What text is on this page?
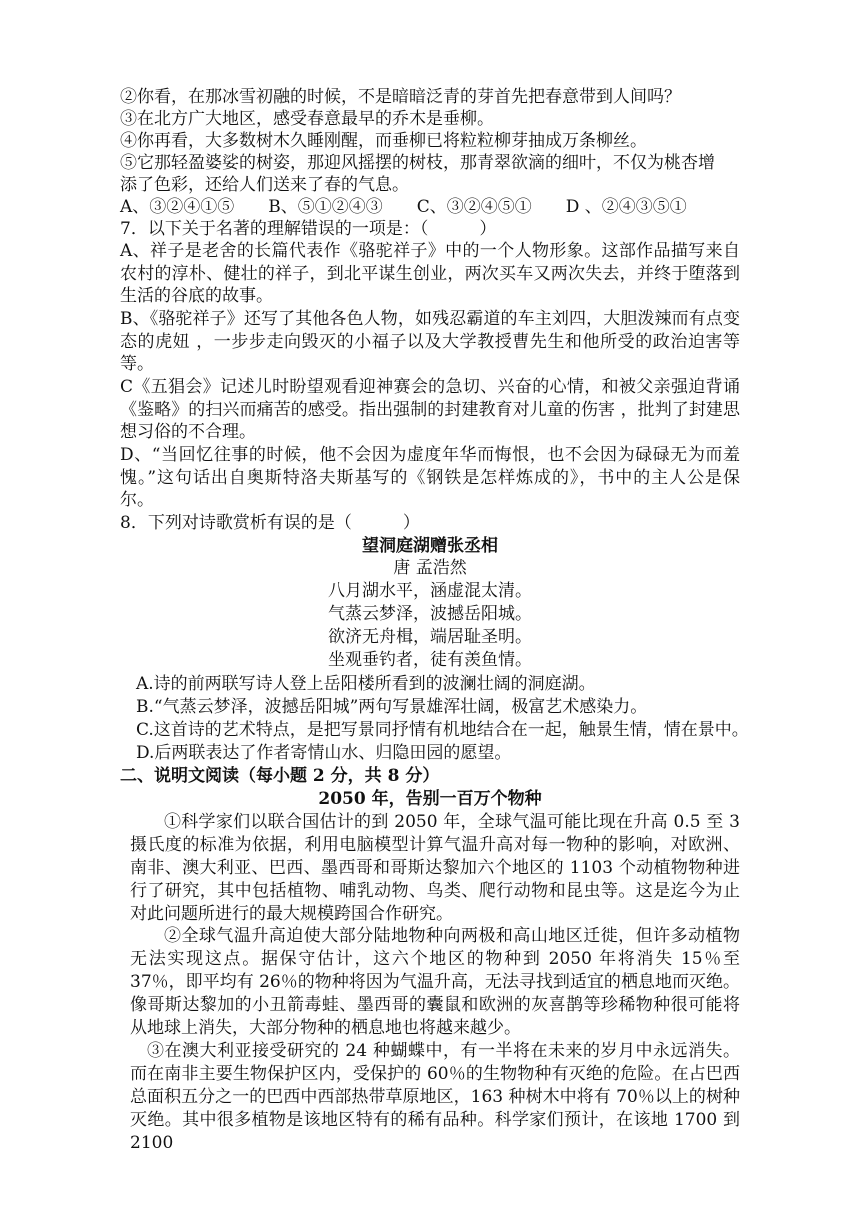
②你看，在那冰雪初融的时候，不是暗暗泛青的芽首先把春意带到人间吗？
③在北方广大地区，感受春意最早的乔木是垂柳。
④你再看，大多数树木久睡刚醒，而垂柳已将粒粒柳芽抽成万条柳丝。
⑤它那轻盈婆娑的树姿，那迎风摇摆的树枝，那青翠欲滴的细叶，不仅为桃杏增
添了色彩，还给人们送来了春的气息。
A、③②④①⑤　　B、⑤①②④③　　C、③②④⑤①　　D 、②④③⑤①
7．以下关于名著的理解错误的一项是：（　　　）
A、祥子是老舍的长篇代表作《骆驼祥子》中的一个人物形象。这部作品描写来自农村的淳朴、健壮的祥子，到北平谋生创业，两次买车又两次失去，并终于堕落到生活的谷底的故事。
B、《骆驼祥子》还写了其他各色人物，如残忍霸道的车主刘四，大胆泼辣而有点变态的虎妞 ，一步步走向毁灭的小福子以及大学教授曹先生和他所受的政治迫害等等。
C《五猖会》记述儿时盼望观看迎神赛会的急切、兴奋的心情，和被父亲强迫背诵《鉴略》的扫兴而痛苦的感受。指出强制的封建教育对儿童的伤害 ，批判了封建思想习俗的不合理。
D、“当回忆往事的时候，他不会因为虚度年华而悔恨，也不会因为碌碌无为而羞愧。”这句话出自奥斯特洛夫斯基写的《钢铁是怎样炼成的》，书中的主人公是保尔。
8．下列对诗歌赏析有误的是（　　　）
望洞庭湖赠张丞相
唐 孟浩然
八月湖水平，涵虚混太清。
气蒸云梦泽，波撼岳阳城。
欲济无舟楫，端居耻圣明。
坐观垂钓者，徒有羡鱼情。
A.诗的前两联写诗人登上岳阳楼所看到的波澜壮阔的洞庭湖。
B.“气蒸云梦泽，波撼岳阳城”两句写景雄浑壮阔，极富艺术感染力。
C.这首诗的艺术特点，是把写景同抒情有机地结合在一起，触景生情，情在景中。
D.后两联表达了作者寄情山水、归隐田园的愿望。
二、说明文阅读（每小题 2 分，共 8 分）
2050 年，告别一百万个物种
①科学家们以联合国估计的到 2050 年，全球气温可能比现在升高 0.5 至 3 摄氏度的标准为依据，利用电脑模型计算气温升高对每一物种的影响，对欧洲、南非、澳大利亚、巴西、墨西哥和哥斯达黎加六个地区的 1103 个动植物物种进行了研究，其中包括植物、哺乳动物、鸟类、爬行动物和昆虫等。这是迄今为止对此问题所进行的最大规模跨国合作研究。
②全球气温升高迫使大部分陆地物种向两极和高山地区迁徙，但许多动植物无法实现这点。据保守估计，这六个地区的物种到 2050 年将消失 15％至 37％，即平均有 26％的物种将因为气温升高，无法寻找到适宜的栖息地而灭绝。像哥斯达黎加的小丑箭毒蛙、墨西哥的囊鼠和欧洲的灰喜鹊等珍稀物种很可能将从地球上消失，大部分物种的栖息地也将越来越少。
③在澳大利亚接受研究的 24 种蝴蝶中，有一半将在未来的岁月中永远消失。而在南非主要生物保护区内，受保护的 60％的生物物种有灭绝的危险。在占巴西总面积五分之一的巴西中西部热带草原地区，163 种树木中将有 70％以上的树种灭绝。其中很多植物是该地区特有的稀有品种。科学家们预计，在该地 1700 到 2100
